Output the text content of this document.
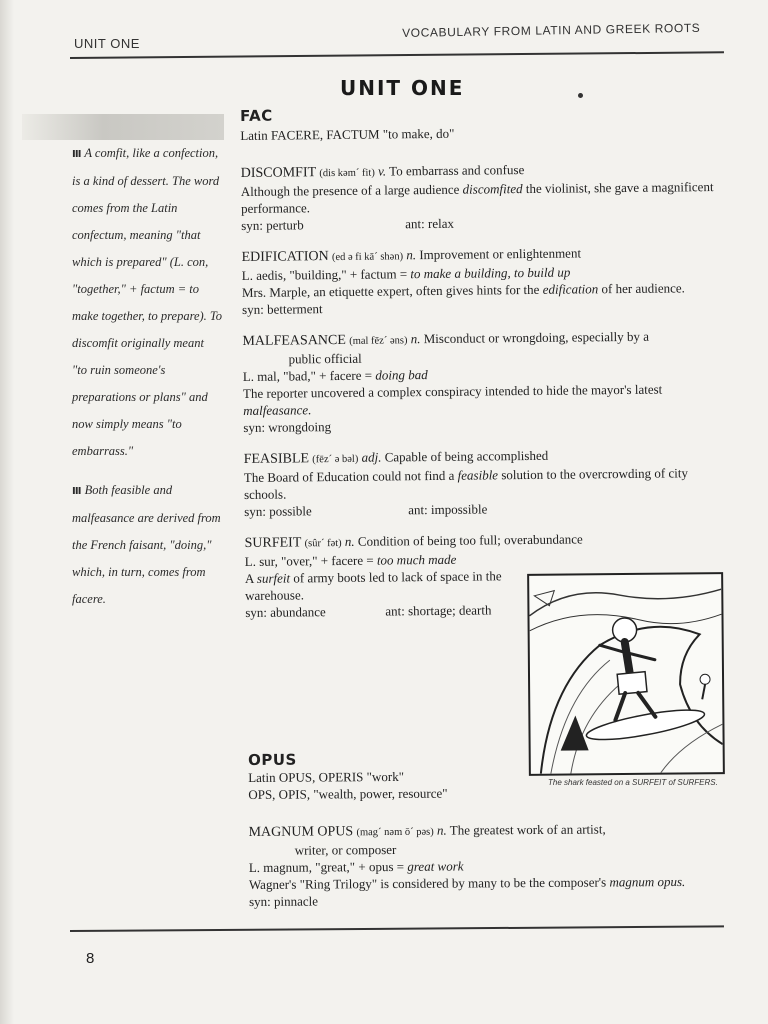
UNIT ONE
VOCABULARY FROM LATIN AND GREEK ROOTS
UNIT ONE
Ⅲ A comfit, like a confection, is a kind of dessert. The word comes from the Latin confectum, meaning "that which is prepared" (L. con, "together," + factum = to make together, to prepare). To discomfit originally meant "to ruin someone's preparations or plans" and now simply means "to embarrass."
Ⅲ Both feasible and malfeasance are derived from the French faisant, "doing," which, in turn, comes from facere.
FAC
Latin FACERE, FACTUM "to make, do"
DISCOMFIT (dis kəm´ fit) v. To embarrass and confuse
Although the presence of a large audience discomfited the violinist, she gave a magnificent performance.
syn: perturb	ant: relax
EDIFICATION (ed ə fi kā´ shən) n. Improvement or enlightenment
L. aedis, "building," + factum = to make a building, to build up
Mrs. Marple, an etiquette expert, often gives hints for the edification of her audience.
syn: betterment
MALFEASANCE (mal fēz´ əns) n. Misconduct or wrongdoing, especially by a
public official
L. mal, "bad," + facere = doing bad
The reporter uncovered a complex conspiracy intended to hide the mayor's latest malfeasance.
syn: wrongdoing
FEASIBLE (fēz´ ə bəl) adj. Capable of being accomplished
The Board of Education could not find a feasible solution to the overcrowding of city schools.
syn: possible	ant: impossible
SURFEIT (sûr´ fət) n. Condition of being too full; overabundance
L. sur, "over," + facere = too much made
A surfeit of army boots led to lack of space in the warehouse.
syn: abundance	ant: shortage; dearth
The shark feasted on a SURFEIT of SURFERS.
OPUS
Latin OPUS, OPERIS "work"
OPS, OPIS, "wealth, power, resource"
MAGNUM OPUS (mag´ nəm ō´ pəs) n. The greatest work of an artist,
writer, or composer
L. magnum, "great," + opus = great work
Wagner's "Ring Trilogy" is considered by many to be the composer's magnum opus.
syn: pinnacle
8
